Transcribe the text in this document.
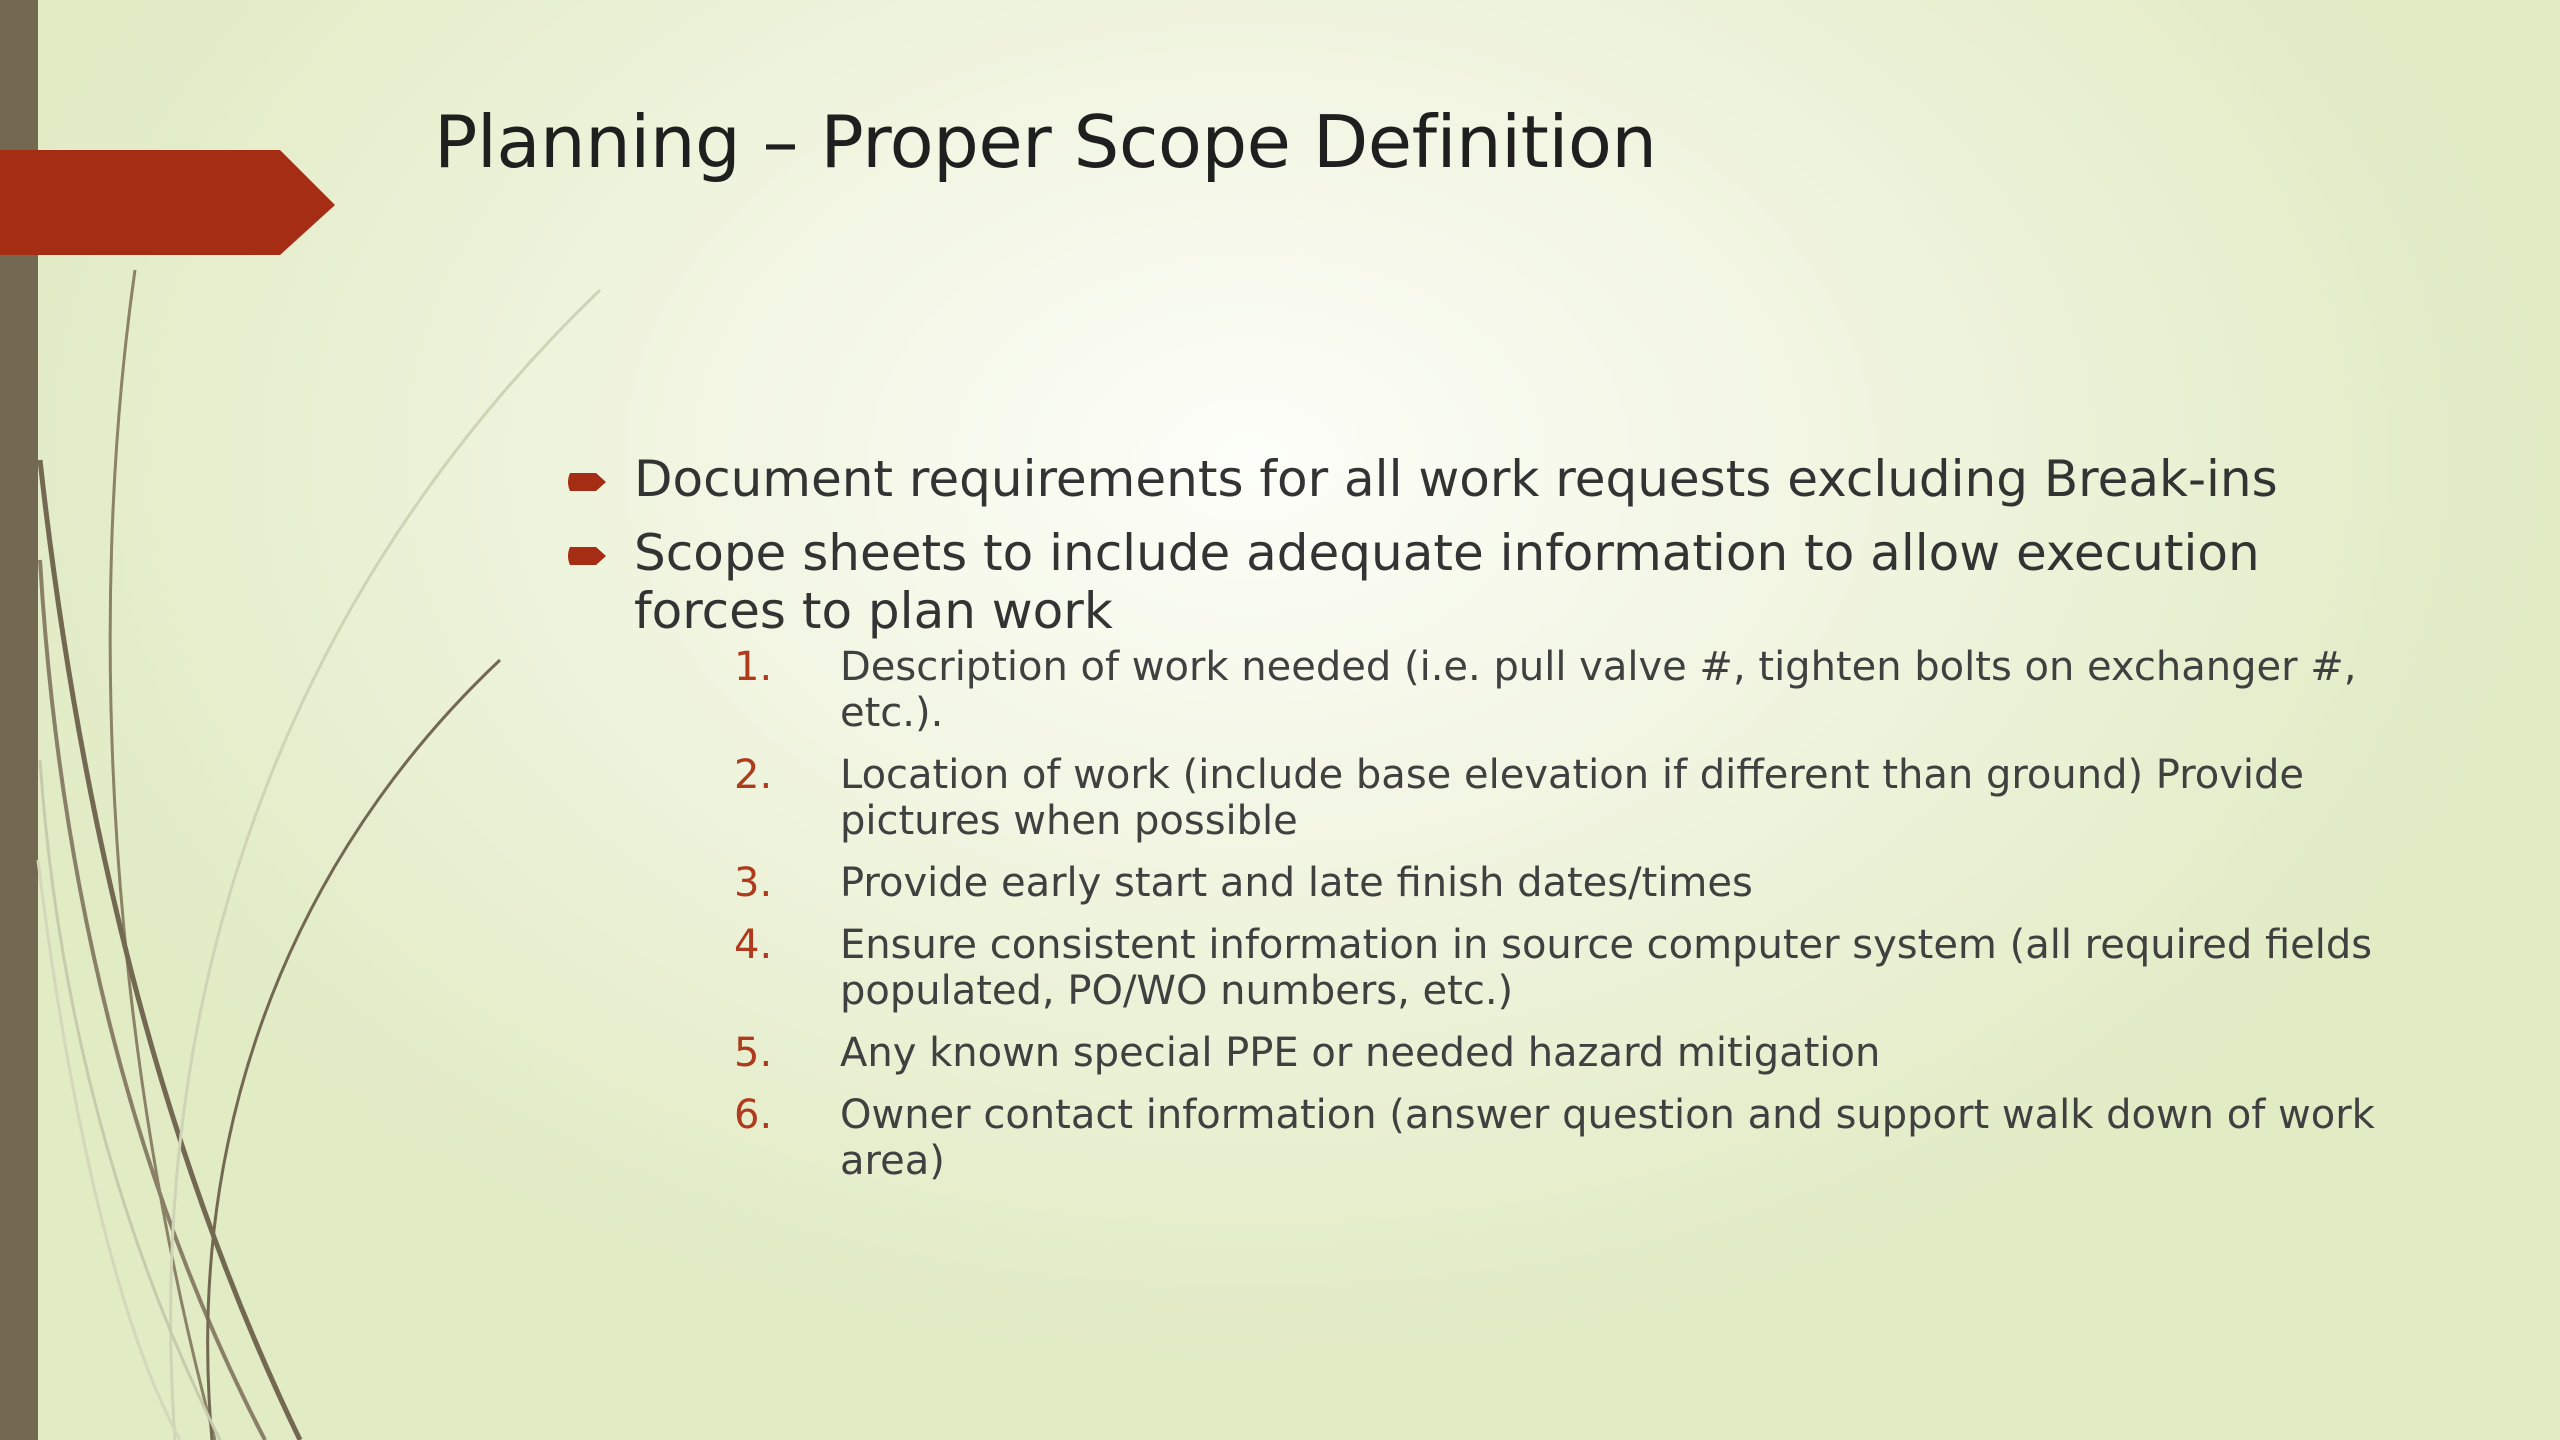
Planning – Proper Scope Definition
Document requirements for all work requests excluding Break-ins
Scope sheets to include adequate information to allow execution forces to plan work
1. Description of work needed (i.e. pull valve #, tighten bolts on exchanger #, etc.).
2. Location of work (include base elevation if different than ground) Provide pictures when possible
3. Provide early start and late finish dates/times
4. Ensure consistent information in source computer system (all required fields populated, PO/WO numbers, etc.)
5. Any known special PPE or needed hazard mitigation
6. Owner contact information (answer question and support walk down of work area)
